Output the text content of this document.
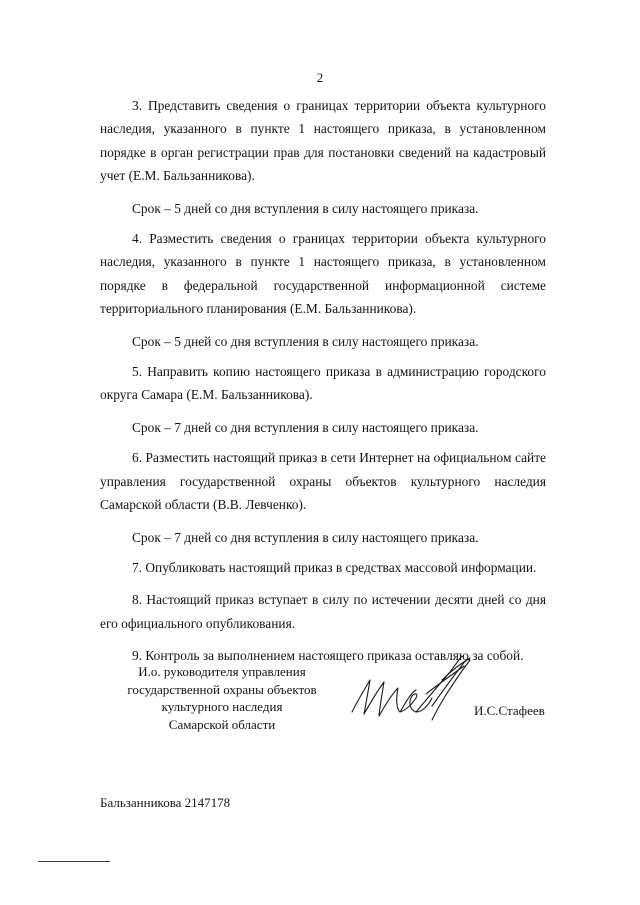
2

3. Представить сведения о границах территории объекта культурного наследия, указанного в пункте 1 настоящего приказа, в установленном порядке в орган регистрации прав для постановки сведений на кадастровый учет (Е.М. Бальзанникова).

Срок – 5 дней со дня вступления в силу настоящего приказа.

4. Разместить сведения о границах территории объекта культурного наследия, указанного в пункте 1 настоящего приказа, в установленном порядке в федеральной государственной информационной системе территориального планирования (Е.М. Бальзанникова).

Срок – 5 дней со дня вступления в силу настоящего приказа.

5. Направить копию настоящего приказа в администрацию городского округа Самара (Е.М. Бальзанникова).

Срок – 7 дней со дня вступления в силу настоящего приказа.

6. Разместить настоящий приказ в сети Интернет на официальном сайте управления государственной охраны объектов культурного наследия Самарской области (В.В. Левченко).

Срок – 7 дней со дня вступления в силу настоящего приказа.

7. Опубликовать настоящий приказ в средствах массовой информации.

8. Настоящий приказ вступает в силу по истечении десяти дней со дня его официального опубликования.

9. Контроль за выполнением настоящего приказа оставляю за собой.

И.о. руководителя управления
государственной охраны объектов
культурного наследия
Самарской области
И.С.Стафеев
Бальзанникова 2147178
